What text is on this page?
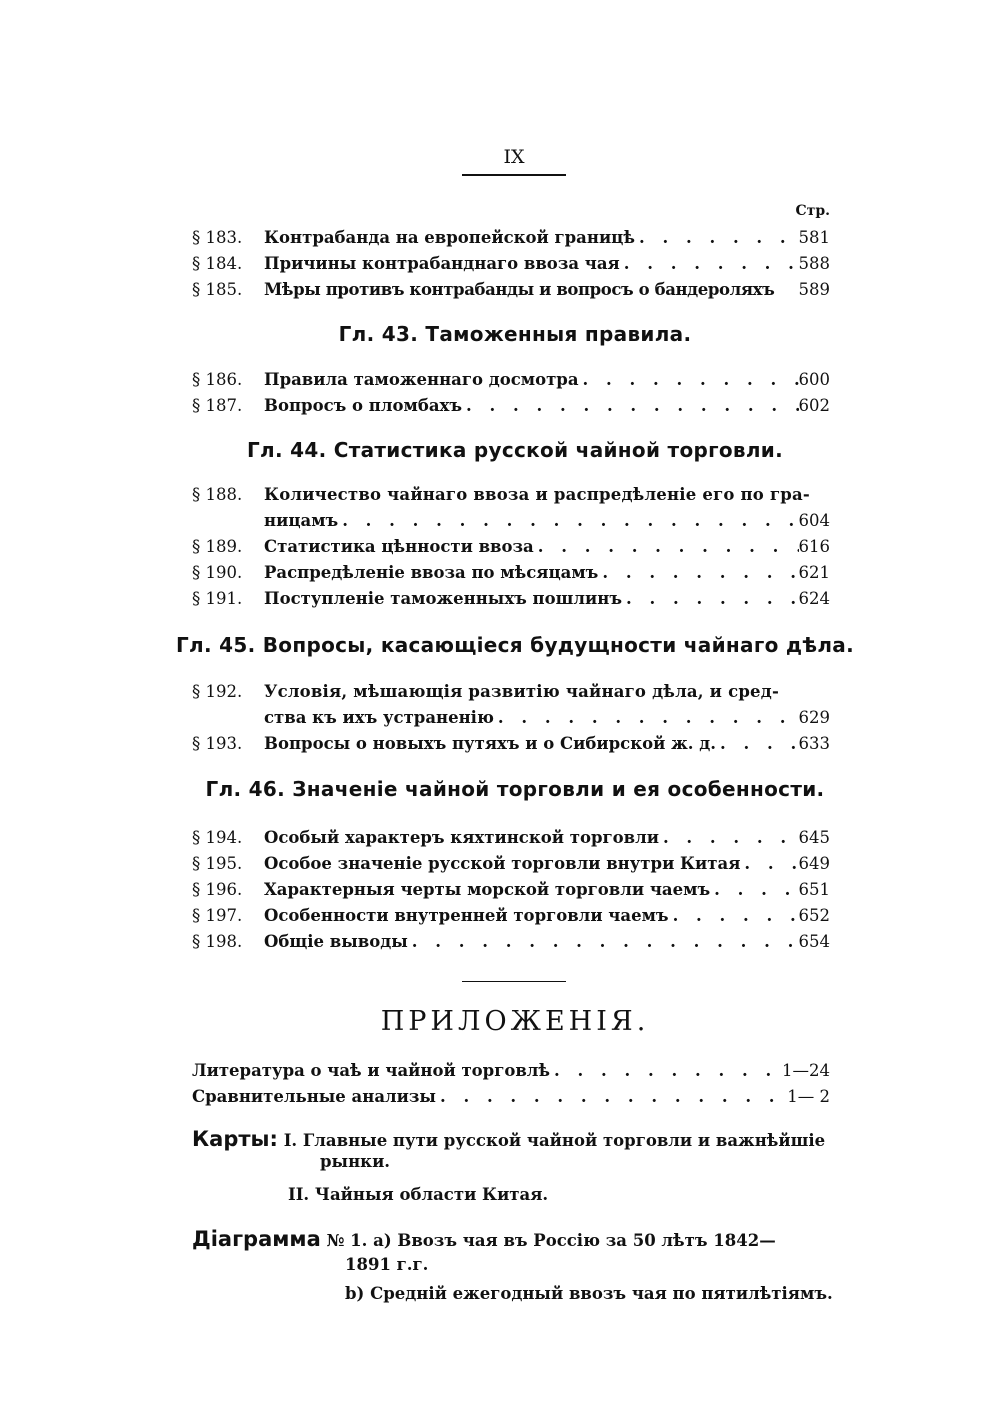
IX
Стр.
§ 183.	Контрабанда на европейской границѣ . . .	581
§ 184.	Причины контрабанднаго ввоза чая . . .	588
§ 185.	Мѣры противъ контрабанды и вопросъ о бандероляхъ 589
Гл. 43. Таможенныя правила.
§ 186.	Правила таможеннаго досмотра . . .	600
§ 187.	Вопросъ о пломбахъ . . .	602
Гл. 44. Статистика русской чайной торговли.
§ 188.	Количество чайнаго ввоза и распредѣленіе его по гра-
ницамъ . . .	604
§ 189.	Статистика цѣнности ввоза . . .	616
§ 190.	Распредѣленіе ввоза по мѣсяцамъ . . .	621
§ 191.	Поступленіе таможенныхъ пошлинъ . . .	624
Гл. 45. Вопросы, касающіеся будущности чайнаго дѣла.
§ 192.	Условія, мѣшающія развитію чайнаго дѣла, и сред-
ства къ ихъ устраненію . . .	629
§ 193.	Вопросы о новыхъ путяхъ и о Сибирской ж. д. . . .	633
Гл. 46. Значеніе чайной торговли и ея особенности.
§ 194.	Особый характеръ кяхтинской торговли . . .	645
§ 195.	Особое значеніе русской торговли внутри Китая . . .	649
§ 196.	Характерныя черты морской торговли чаемъ . . .	651
§ 197.	Особенности внутренней торговли чаемъ . . .	652
§ 198.	Общіе выводы . . .	654
ПРИЛОЖЕНІЯ.
Литература о чаѣ и чайной торговлѣ . . .	1—24
Сравнительные анализы . . .	1— 2
Карты: I. Главные пути русской чайной торговли и важнѣйшіе
рынки.
II. Чайныя области Китая.
Діаграмма № 1. a) Ввозъ чая въ Россію за 50 лѣтъ 1842—
1891 г.г.
b) Средній ежегодный ввозъ чая по пятилѣтіямъ.
